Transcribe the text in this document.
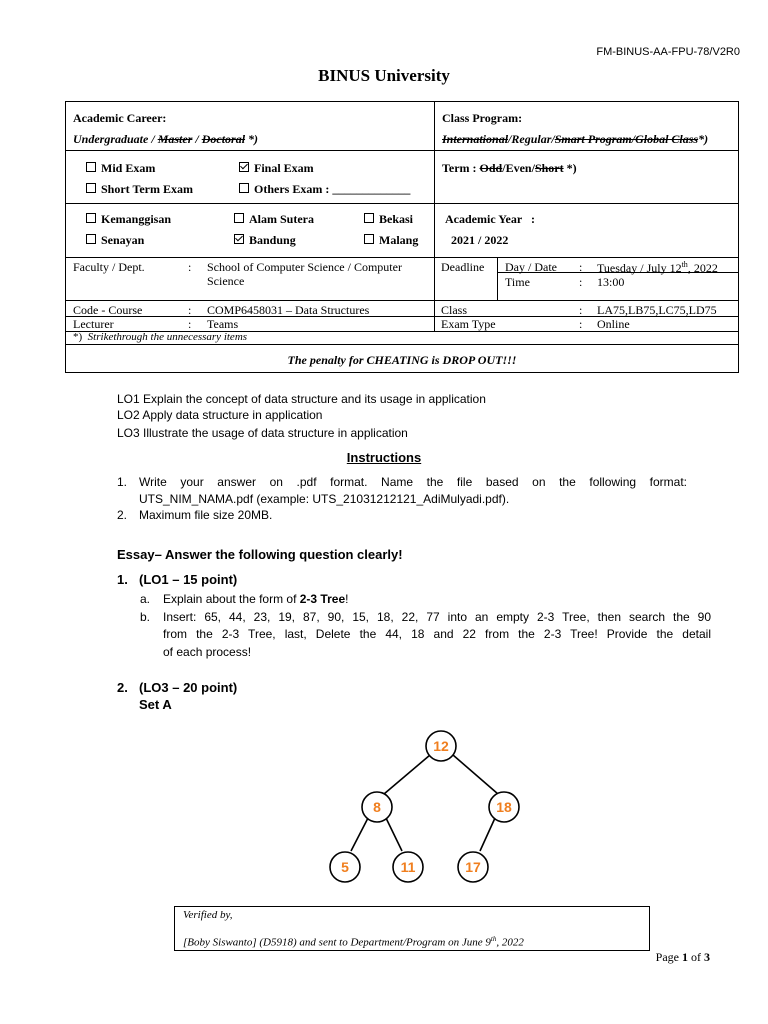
FM-BINUS-AA-FPU-78/V2R0
BINUS University
Academic Career:
Undergraduate / Master / Doctoral *)
Class Program:
International/Regular/Smart Program/Global Class*)
Mid Exam	Final Exam
Short Term Exam	Others Exam : _____________
Term : Odd/Even/Short *)
Kemanggisan	Alam Sutera	Bekasi
Senayan	Bandung	Malang
Academic Year   :
2021 / 2022
Faculty / Dept.	: School of Computer Science / Computer
Science
Deadline Day / Date : Tuesday / July 12th, 2022
Time	: 13:00
Code - Course	: COMP6458031 – Data Structures	Class	: LA75,LB75,LC75,LD75
Lecturer	: Teams	Exam Type	: Online
*) Strikethrough the unnecessary items
The penalty for CHEATING is DROP OUT!!!
LO1 Explain the concept of data structure and its usage in application
LO2 Apply data structure in application
LO3 Illustrate the usage of data structure in application
Instructions
1. Write your answer on .pdf format. Name the file based on the following format:
UTS_NIM_NAMA.pdf (example: UTS_21031212121_AdiMulyadi.pdf).
2. Maximum file size 20MB.
Essay– Answer the following question clearly!
1. (LO1 – 15 point)
a. Explain about the form of 2-3 Tree!
b. Insert: 65, 44, 23, 19, 87, 90, 15, 18, 22, 77 into an empty 2-3 Tree, then search the 90
from the 2-3 Tree, last, Delete the 44, 18 and 22 from the 2-3 Tree! Provide the detail
of each process!
2. (LO3 – 20 point)
Set A
12
8	18
5	11	17
Verified by,
[Boby Siswanto] (D5918) and sent to Department/Program on June 9th, 2022
Page 1 of 3
